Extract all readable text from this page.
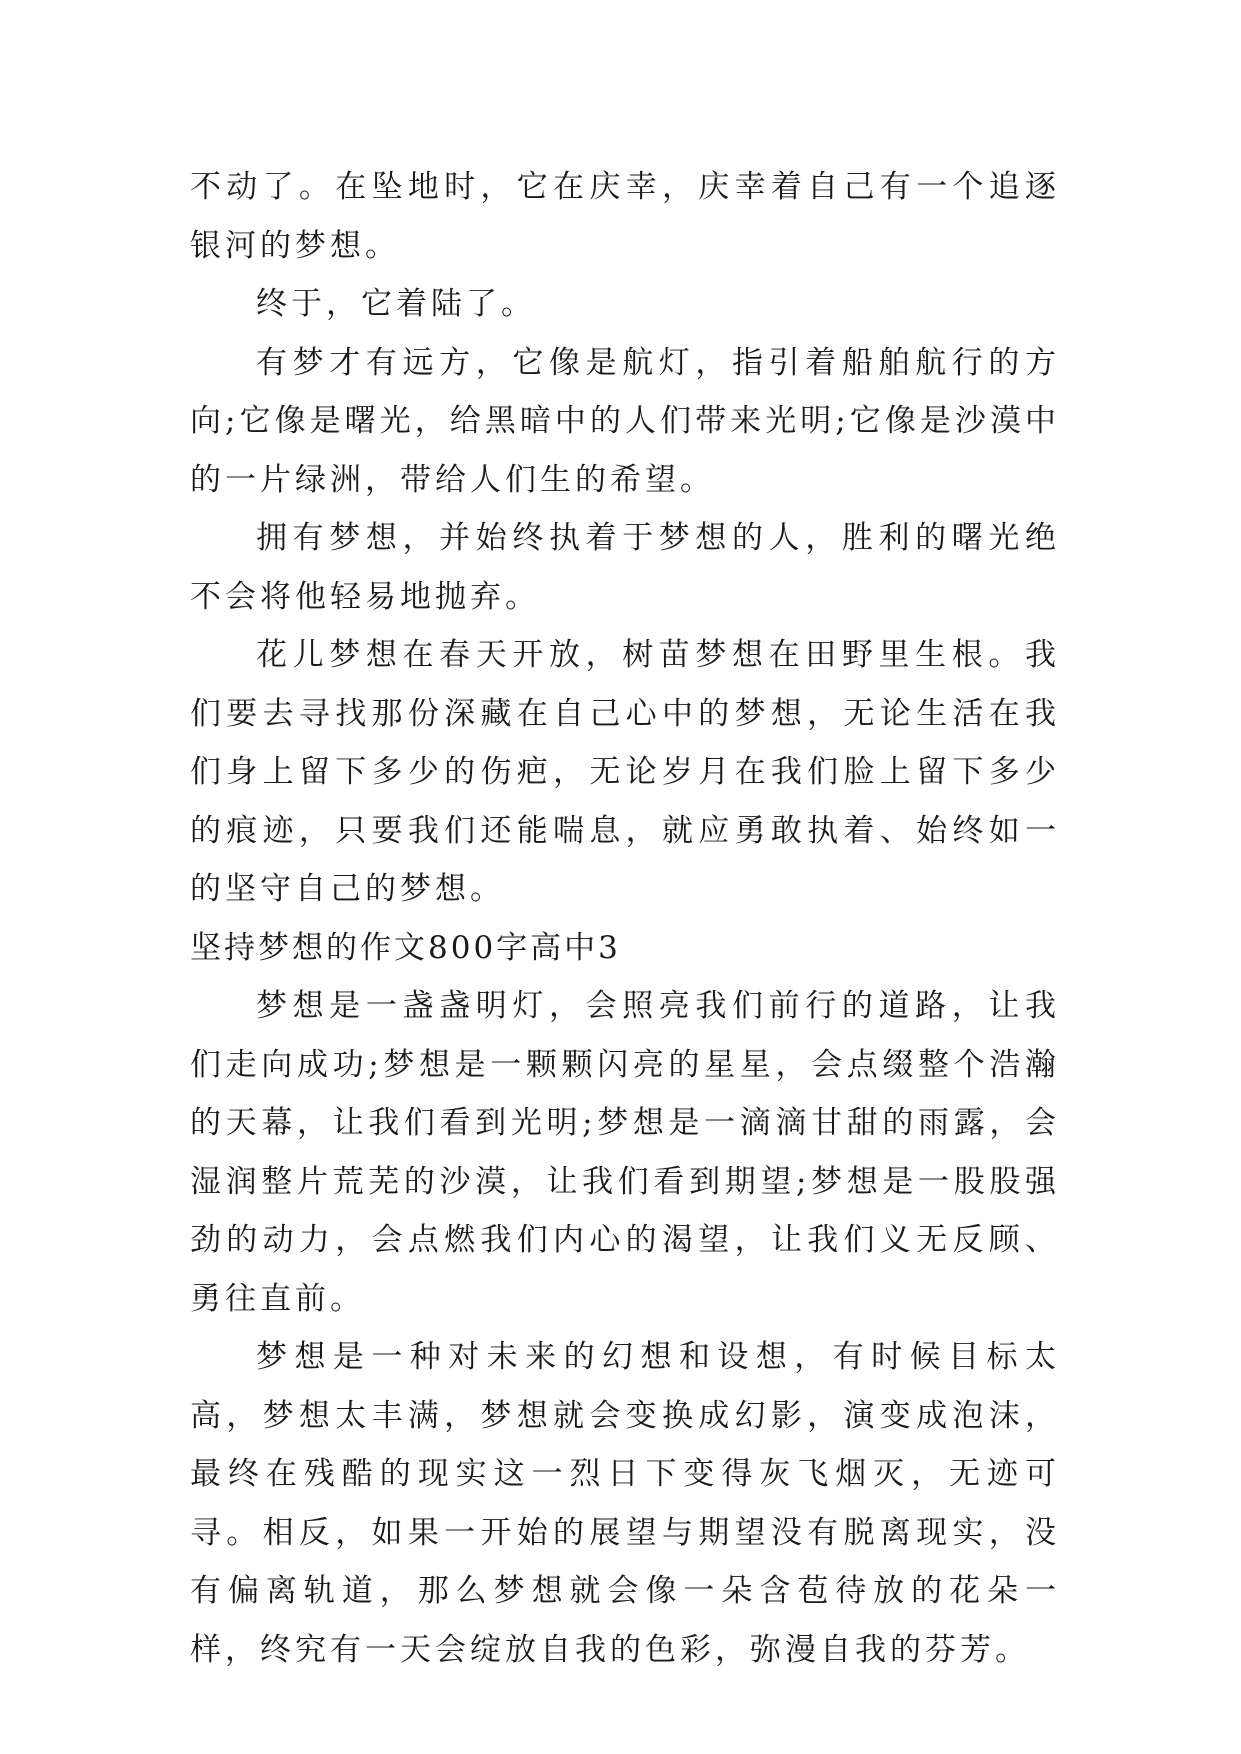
不动了。在坠地时，它在庆幸，庆幸着自己有一个追逐银河的梦想。

终于，它着陆了。

有梦才有远方，它像是航灯，指引着船舶航行的方向;它像是曙光，给黑暗中的人们带来光明;它像是沙漠中的一片绿洲，带给人们生的希望。

拥有梦想，并始终执着于梦想的人，胜利的曙光绝不会将他轻易地抛弃。

花儿梦想在春天开放，树苗梦想在田野里生根。我们要去寻找那份深藏在自己心中的梦想，无论生活在我们身上留下多少的伤疤，无论岁月在我们脸上留下多少的痕迹，只要我们还能喘息，就应勇敢执着、始终如一的坚守自己的梦想。

坚持梦想的作文800字高中3

梦想是一盏盏明灯，会照亮我们前行的道路，让我们走向成功;梦想是一颗颗闪亮的星星，会点缀整个浩瀚的天幕，让我们看到光明;梦想是一滴滴甘甜的雨露，会湿润整片荒芜的沙漠，让我们看到期望;梦想是一股股强劲的动力，会点燃我们内心的渴望，让我们义无反顾、勇往直前。

梦想是一种对未来的幻想和设想，有时候目标太高，梦想太丰满，梦想就会变换成幻影，演变成泡沫，最终在残酷的现实这一烈日下变得灰飞烟灭，无迹可寻。相反，如果一开始的展望与期望没有脱离现实，没有偏离轨道，那么梦想就会像一朵含苞待放的花朵一样，终究有一天会绽放自我的色彩，弥漫自我的芬芳。
